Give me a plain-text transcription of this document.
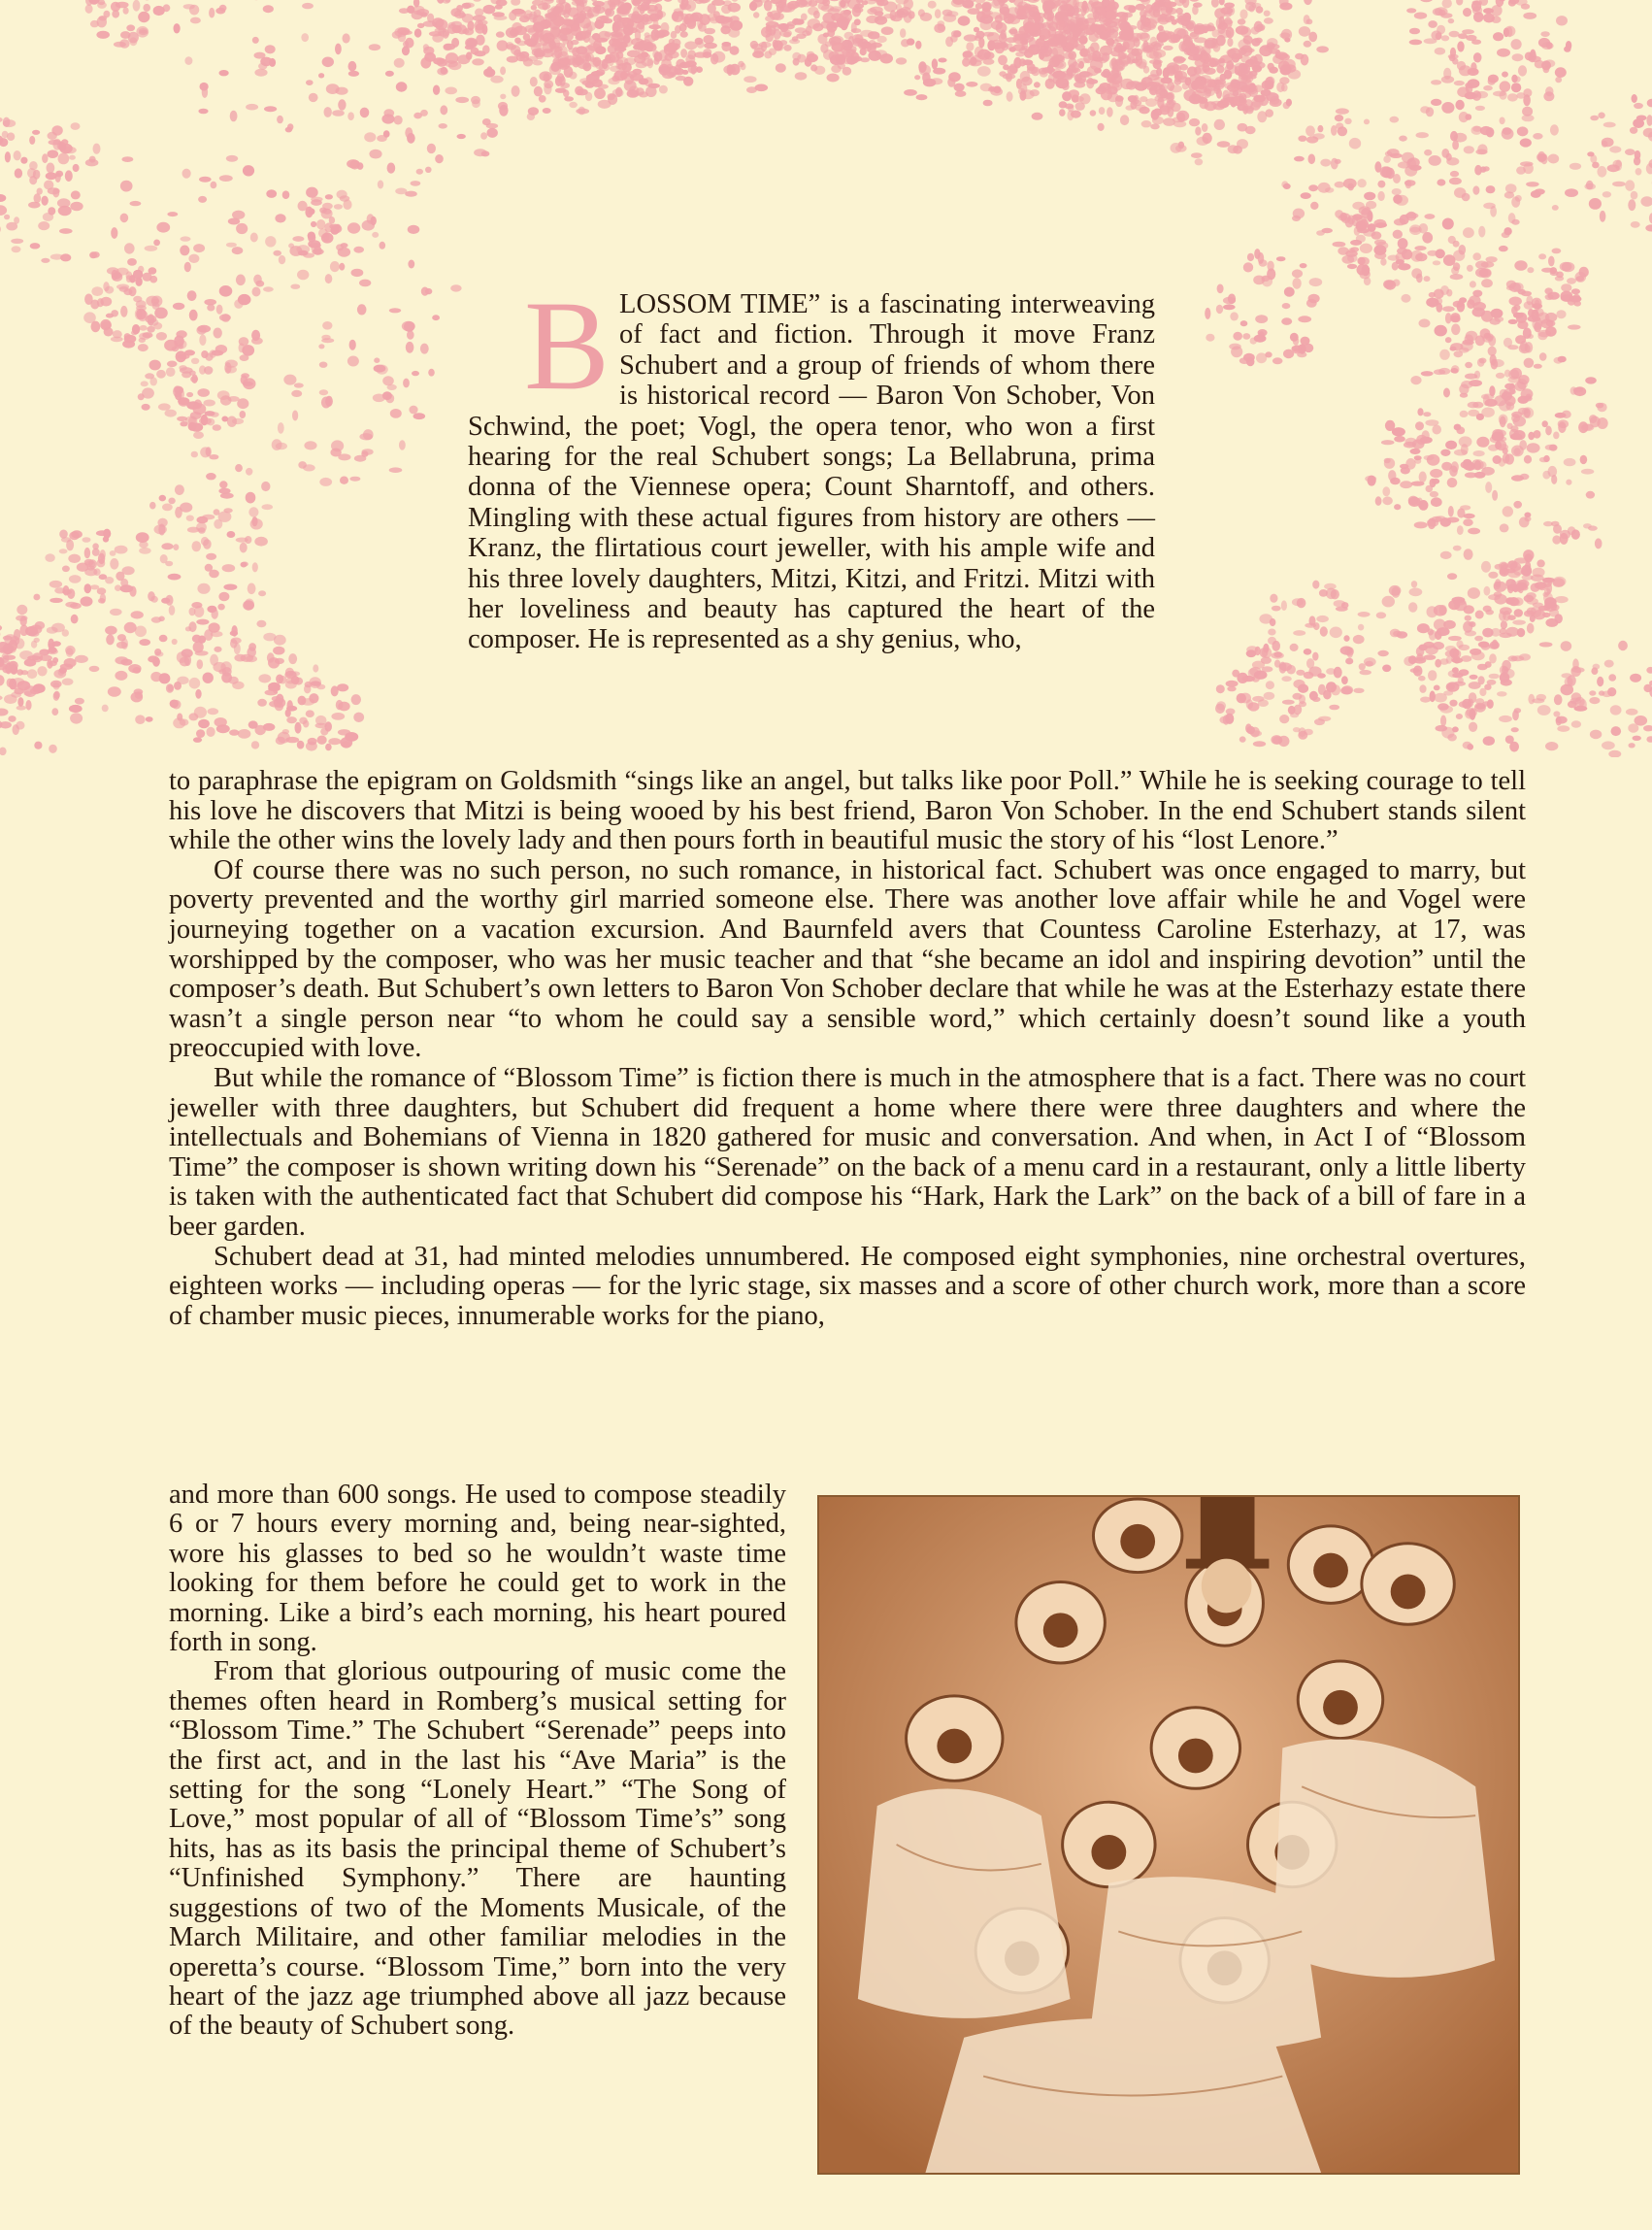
B LOSSOM TIME” is a fascinating interweaving of fact and fiction. Through it move Franz Schubert and a group of friends of whom there is historical record — Baron Von Schober, Von Schwind, the poet; Vogl, the opera tenor, who won a first hearing for the real Schubert songs; La Bellabruna, prima donna of the Viennese opera; Count Sharntoff, and others. Mingling with these actual figures from history are others — Kranz, the flirtatious court jeweller, with his ample wife and his three lovely daughters, Mitzi, Kitzi, and Fritzi. Mitzi with her loveliness and beauty has captured the heart of the composer. He is represented as a shy genius, who,

to paraphrase the epigram on Goldsmith “sings like an angel, but talks like poor Poll.” While he is seeking courage to tell his love he discovers that Mitzi is being wooed by his best friend, Baron Von Schober. In the end Schubert stands silent while the other wins the lovely lady and then pours forth in beautiful music the story of his “lost Lenore.”

Of course there was no such person, no such romance, in historical fact. Schubert was once engaged to marry, but poverty prevented and the worthy girl married someone else. There was another love affair while he and Vogel were journeying together on a vacation excursion. And Baurnfeld avers that Countess Caroline Esterhazy, at 17, was worshipped by the composer, who was her music teacher and that “she became an idol and inspiring devotion” until the composer’s death. But Schubert’s own letters to Baron Von Schober declare that while he was at the Esterhazy estate there wasn’t a single person near “to whom he could say a sensible word,” which certainly doesn’t sound like a youth preoccupied with love.

But while the romance of “Blossom Time” is fiction there is much in the atmosphere that is a fact. There was no court jeweller with three daughters, but Schubert did frequent a home where there were three daughters and where the intellectuals and Bohemians of Vienna in 1820 gathered for music and conversation. And when, in Act I of “Blossom Time” the composer is shown writing down his “Serenade” on the back of a menu card in a restaurant, only a little liberty is taken with the authenticated fact that Schubert did compose his “Hark, Hark the Lark” on the back of a bill of fare in a beer garden.

Schubert dead at 31, had minted melodies unnumbered. He composed eight symphonies, nine orchestral overtures, eighteen works — including operas — for the lyric stage, six masses and a score of other church work, more than a score of chamber music pieces, innumerable works for the piano,

and more than 600 songs. He used to compose steadily 6 or 7 hours every morning and, being near-sighted, wore his glasses to bed so he wouldn’t waste time looking for them before he could get to work in the morning. Like a bird’s each morning, his heart poured forth in song.

From that glorious outpouring of music come the themes often heard in Romberg’s musical setting for “Blossom Time.” The Schubert “Serenade” peeps into the first act, and in the last his “Ave Maria” is the setting for the song “Lonely Heart.” “The Song of Love,” most popular of all of “Blossom Time’s” song hits, has as its basis the principal theme of Schubert’s “Unfinished Symphony.” There are haunting suggestions of two of the Moments Musicale, of the March Militaire, and other familiar melodies in the operetta’s course. “Blossom Time,” born into the very heart of the jazz age triumphed above all jazz because of the beauty of Schubert song.
